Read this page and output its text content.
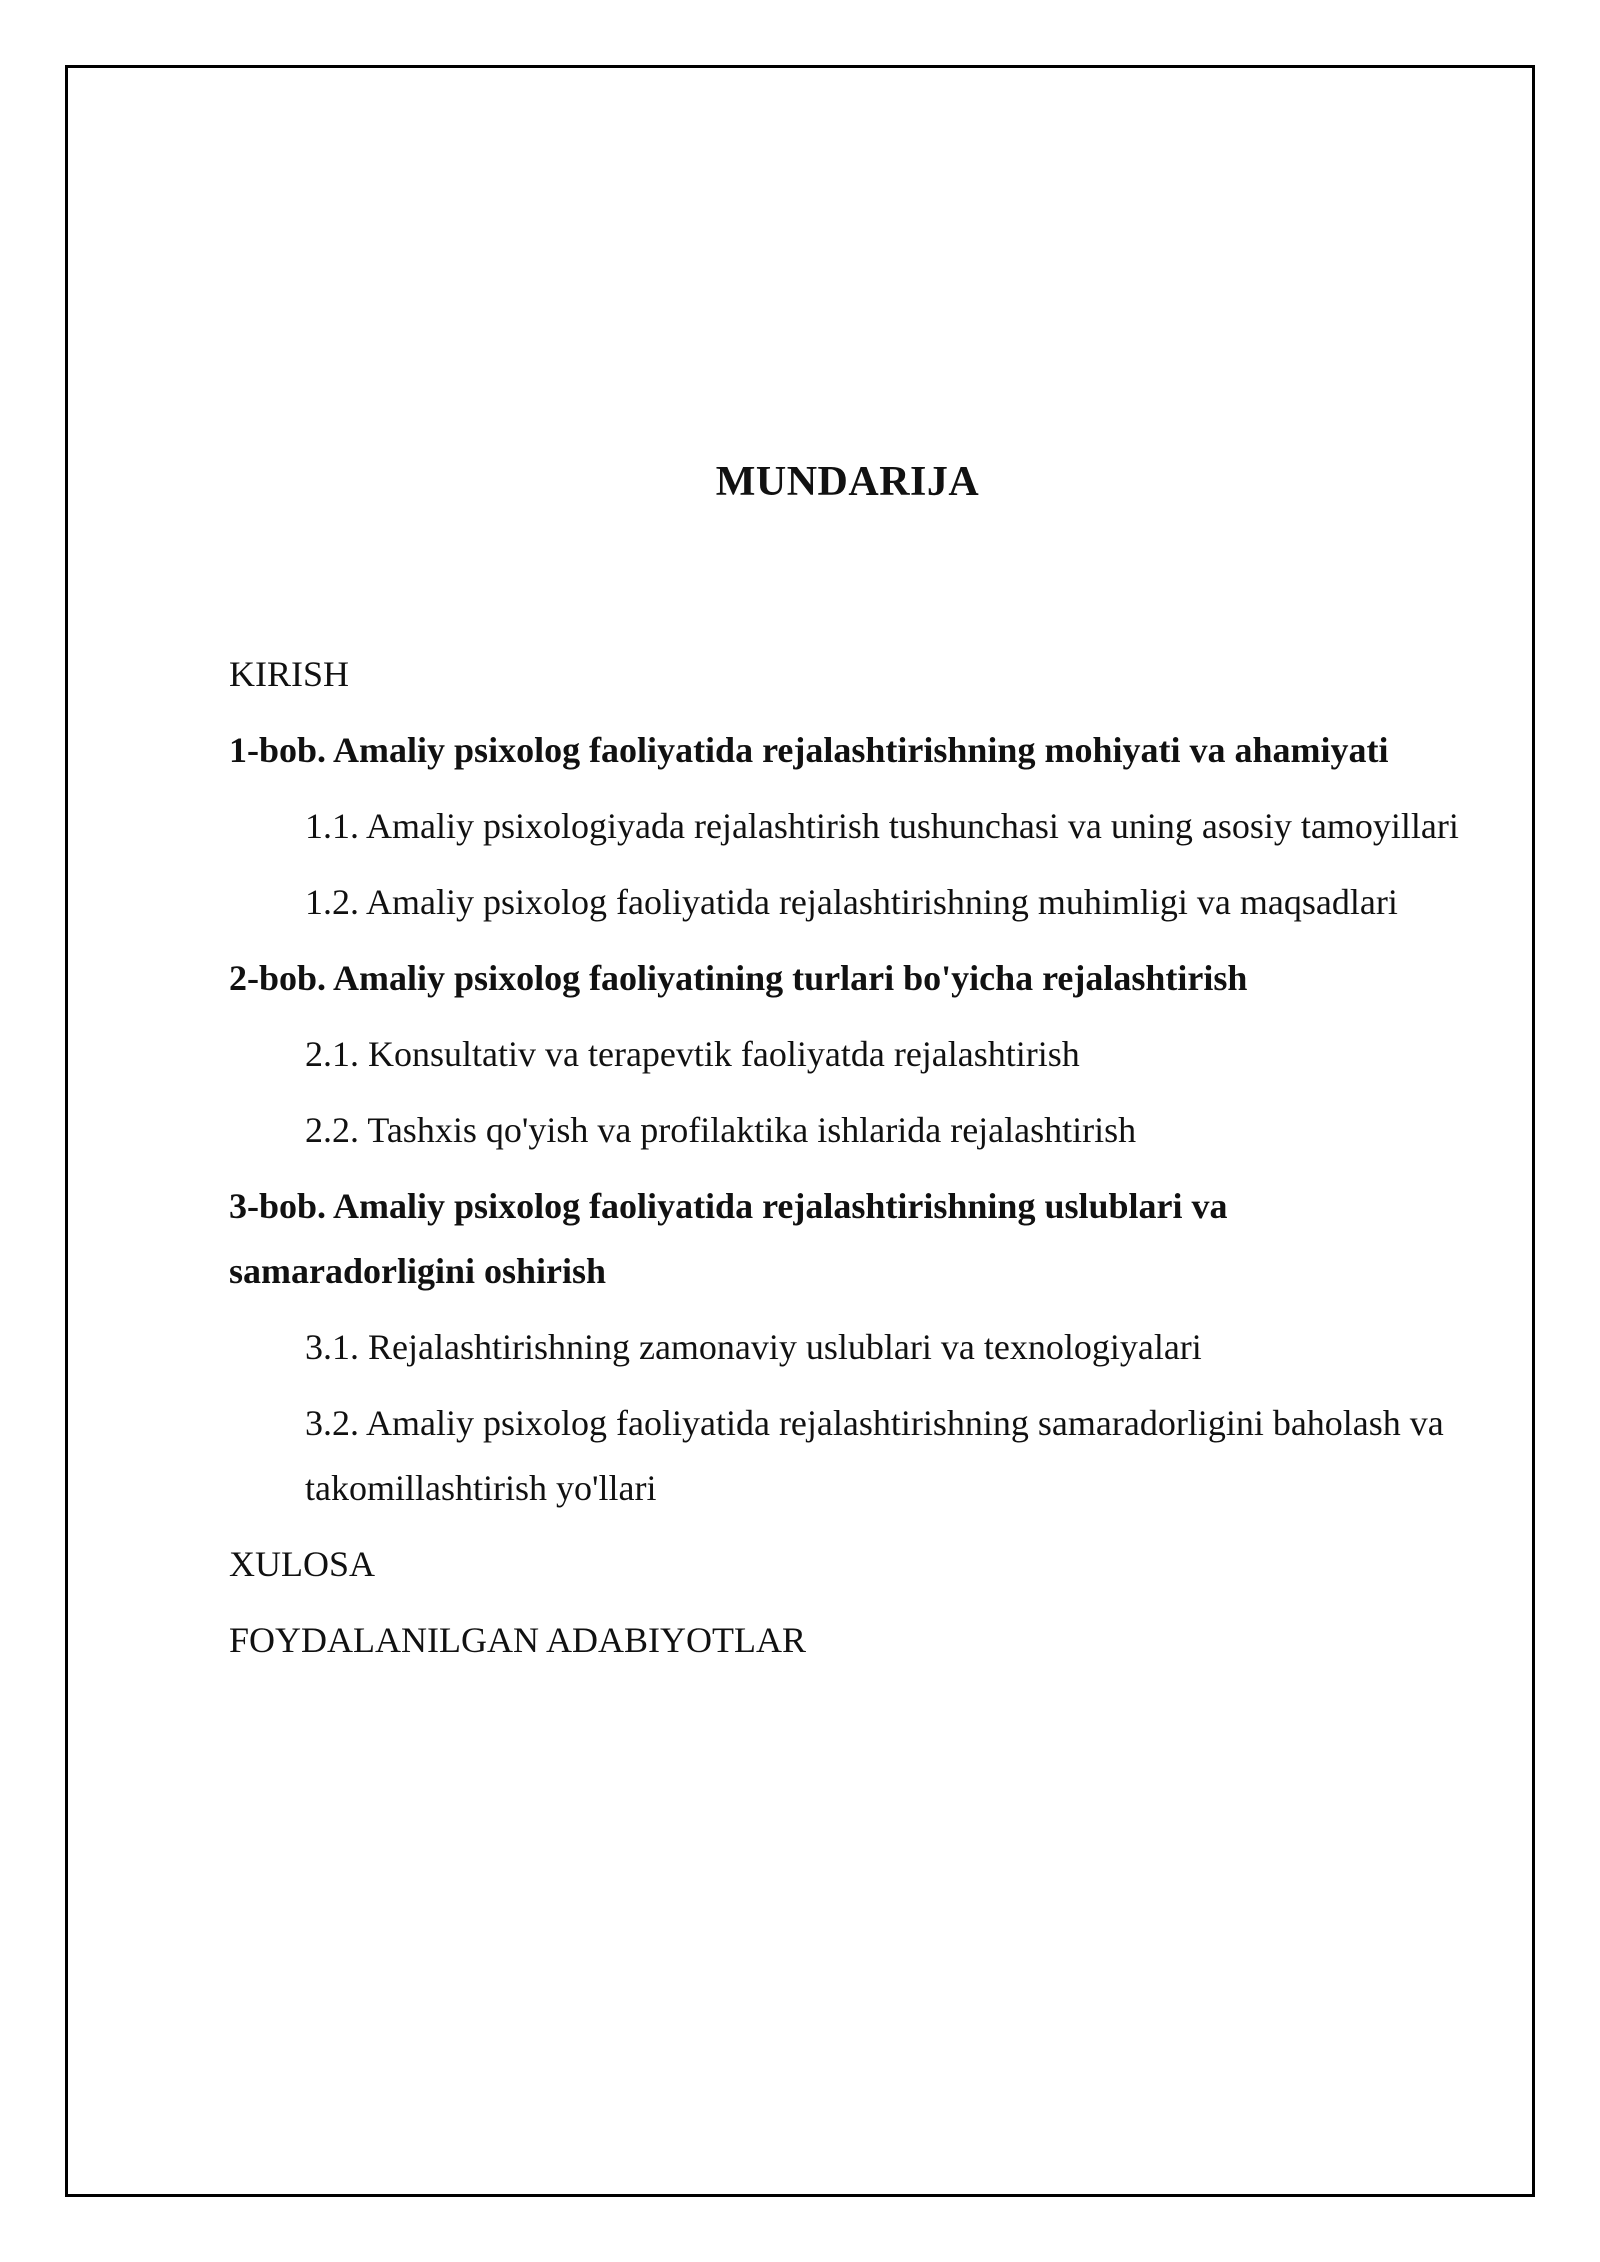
MUNDARIJA
KIRISH
1-bob. Amaliy psixolog faoliyatida rejalashtirishning mohiyati va ahamiyati
1.1. Amaliy psixologiyada rejalashtirish tushunchasi va uning asosiy tamoyillari
1.2. Amaliy psixolog faoliyatida rejalashtirishning muhimligi va maqsadlari
2-bob. Amaliy psixolog faoliyatining turlari bo'yicha rejalashtirish
2.1. Konsultativ va terapevtik faoliyatda rejalashtirish
2.2. Tashxis qo'yish va profilaktika ishlarida rejalashtirish
3-bob. Amaliy psixolog faoliyatida rejalashtirishning uslublari va samaradorligini oshirish
3.1. Rejalashtirishning zamonaviy uslublari va texnologiyalari
3.2. Amaliy psixolog faoliyatida rejalashtirishning samaradorligini baholash va takomillashtirish yo'llari
XULOSA
FOYDALANILGAN ADABIYOTLAR
